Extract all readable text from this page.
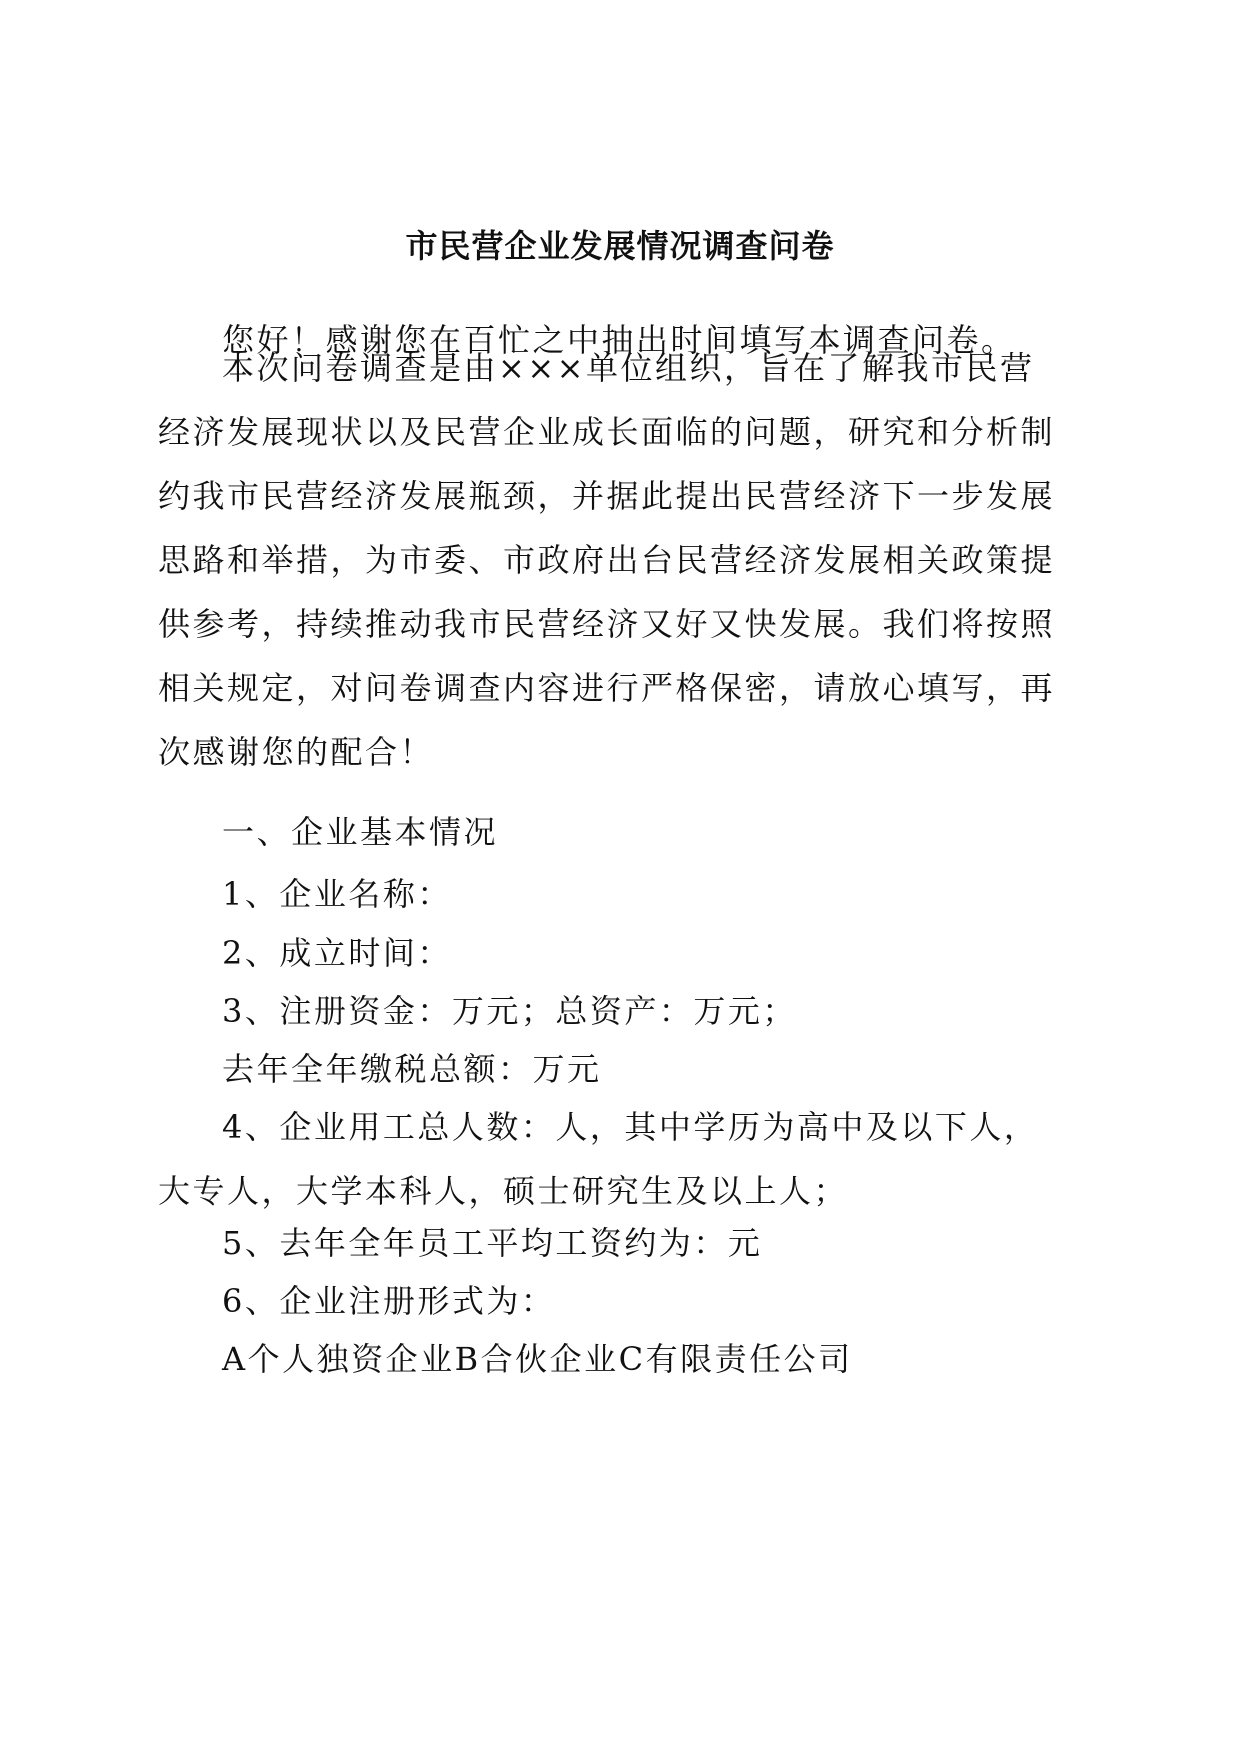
市民营企业发展情况调查问卷

您好！感谢您在百忙之中抽出时间填写本调查问卷。

本次问卷调查是由×××单位组织，旨在了解我市民营经济发展现状以及民营企业成长面临的问题，研究和分析制约我市民营经济发展瓶颈，并据此提出民营经济下一步发展思路和举措，为市委、市政府出台民营经济发展相关政策提供参考，持续推动我市民营经济又好又快发展。我们将按照相关规定，对问卷调查内容进行严格保密，请放心填写，再次感谢您的配合！

一、企业基本情况

1、企业名称：

2、成立时间：

3、注册资金：万元；总资产：万元；

去年全年缴税总额：万元

4、企业用工总人数：人，其中学历为高中及以下人，大专人，大学本科人，硕士研究生及以上人；

5、去年全年员工平均工资约为：元

6、企业注册形式为：

A个人独资企业B合伙企业C有限责任公司
